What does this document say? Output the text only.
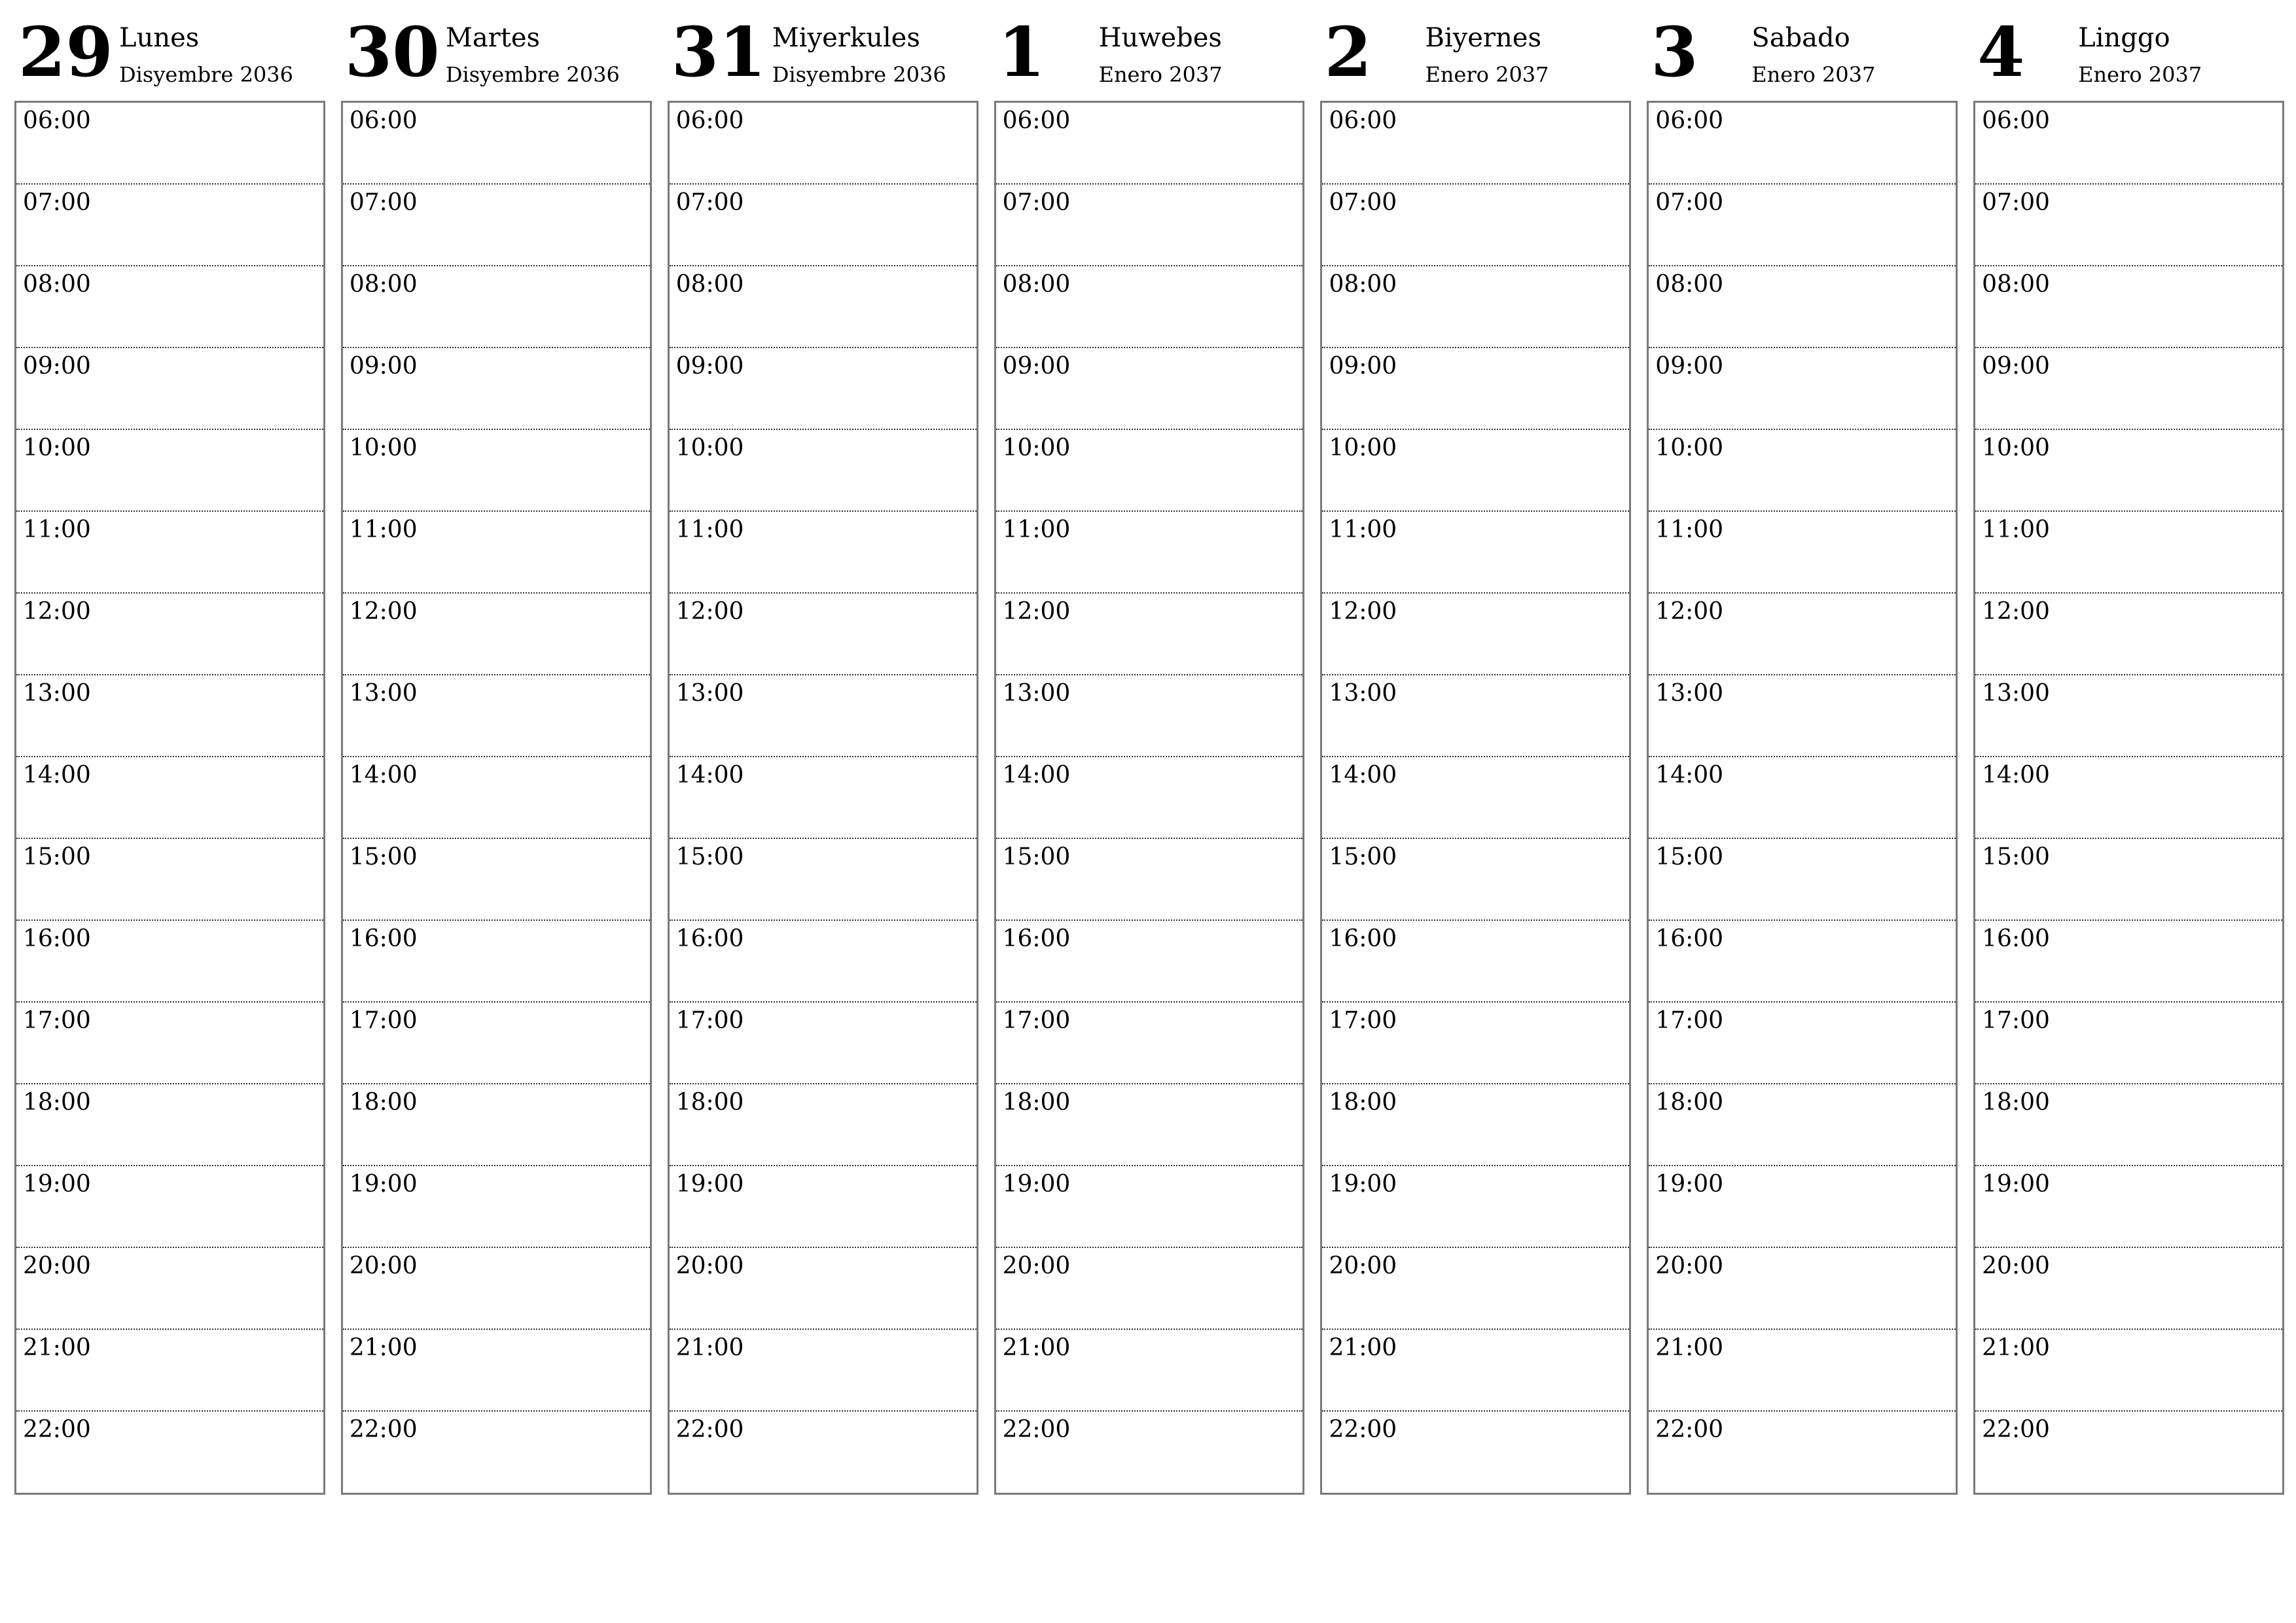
29 Lunes
Disyembre 2036
06:00
07:00
08:00
09:00
10:00
11:00
12:00
13:00
14:00
15:00
16:00
17:00
18:00
19:00
20:00
21:00
22:00
30 Martes
Disyembre 2036
06:00
07:00
08:00
09:00
10:00
11:00
12:00
13:00
14:00
15:00
16:00
17:00
18:00
19:00
20:00
21:00
22:00
31 Miyerkules
Disyembre 2036
06:00
07:00
08:00
09:00
10:00
11:00
12:00
13:00
14:00
15:00
16:00
17:00
18:00
19:00
20:00
21:00
22:00
1 Huwebes
Enero 2037
06:00
07:00
08:00
09:00
10:00
11:00
12:00
13:00
14:00
15:00
16:00
17:00
18:00
19:00
20:00
21:00
22:00
2 Biyernes
Enero 2037
06:00
07:00
08:00
09:00
10:00
11:00
12:00
13:00
14:00
15:00
16:00
17:00
18:00
19:00
20:00
21:00
22:00
3 Sabado
Enero 2037
06:00
07:00
08:00
09:00
10:00
11:00
12:00
13:00
14:00
15:00
16:00
17:00
18:00
19:00
20:00
21:00
22:00
4 Linggo
Enero 2037
06:00
07:00
08:00
09:00
10:00
11:00
12:00
13:00
14:00
15:00
16:00
17:00
18:00
19:00
20:00
21:00
22:00
